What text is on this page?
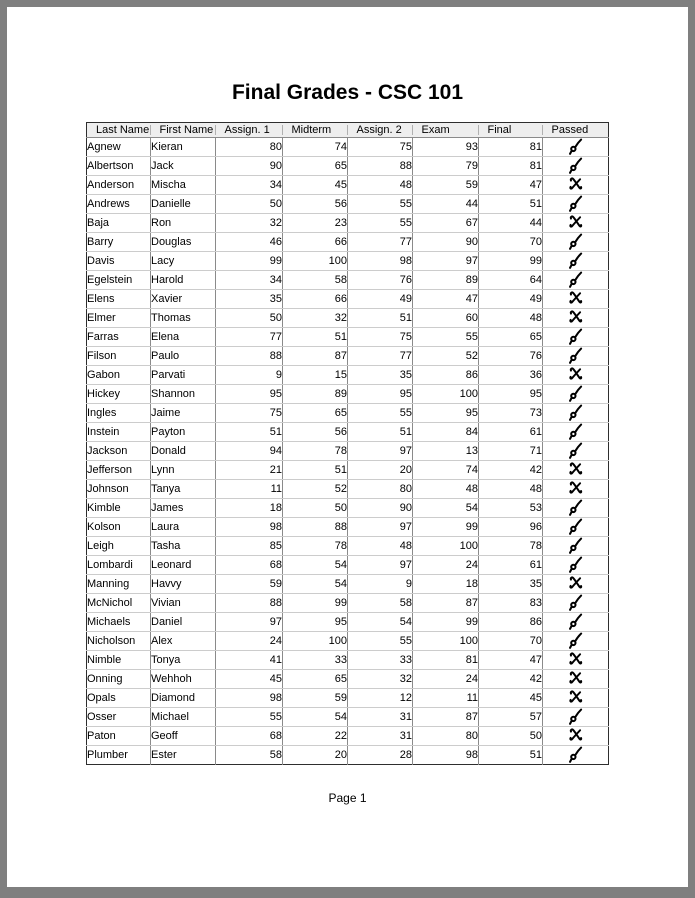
Final Grades - CSC 101
Last Name	First Name	Assign. 1	Midterm	Assign. 2	Exam	Final	Passed
Agnew	Kieran	80	74	75	93	81	
Albertson	Jack	90	65	88	79	81	
Anderson	Mischa	34	45	48	59	47	
Andrews	Danielle	50	56	55	44	51	
Baja	Ron	32	23	55	67	44	
Barry	Douglas	46	66	77	90	70	
Davis	Lacy	99	100	98	97	99	
Egelstein	Harold	34	58	76	89	64	
Elens	Xavier	35	66	49	47	49	
Elmer	Thomas	50	32	51	60	48	
Farras	Elena	77	51	75	55	65	
Filson	Paulo	88	87	77	52	76	
Gabon	Parvati	9	15	35	86	36	
Hickey	Shannon	95	89	95	100	95	
Ingles	Jaime	75	65	55	95	73	
Instein	Payton	51	56	51	84	61	
Jackson	Donald	94	78	97	13	71	
Jefferson	Lynn	21	51	20	74	42	
Johnson	Tanya	11	52	80	48	48	
Kimble	James	18	50	90	54	53	
Kolson	Laura	98	88	97	99	96	
Leigh	Tasha	85	78	48	100	78	
Lombardi	Leonard	68	54	97	24	61	
Manning	Havvy	59	54	9	18	35	
McNichol	Vivian	88	99	58	87	83	
Michaels	Daniel	97	95	54	99	86	
Nicholson	Alex	24	100	55	100	70	
Nimble	Tonya	41	33	33	81	47	
Onning	Wehhoh	45	65	32	24	42	
Opals	Diamond	98	59	12	11	45	
Osser	Michael	55	54	31	87	57	
Paton	Geoff	68	22	31	80	50	
Plumber	Ester	58	20	28	98	51	
Page 1
